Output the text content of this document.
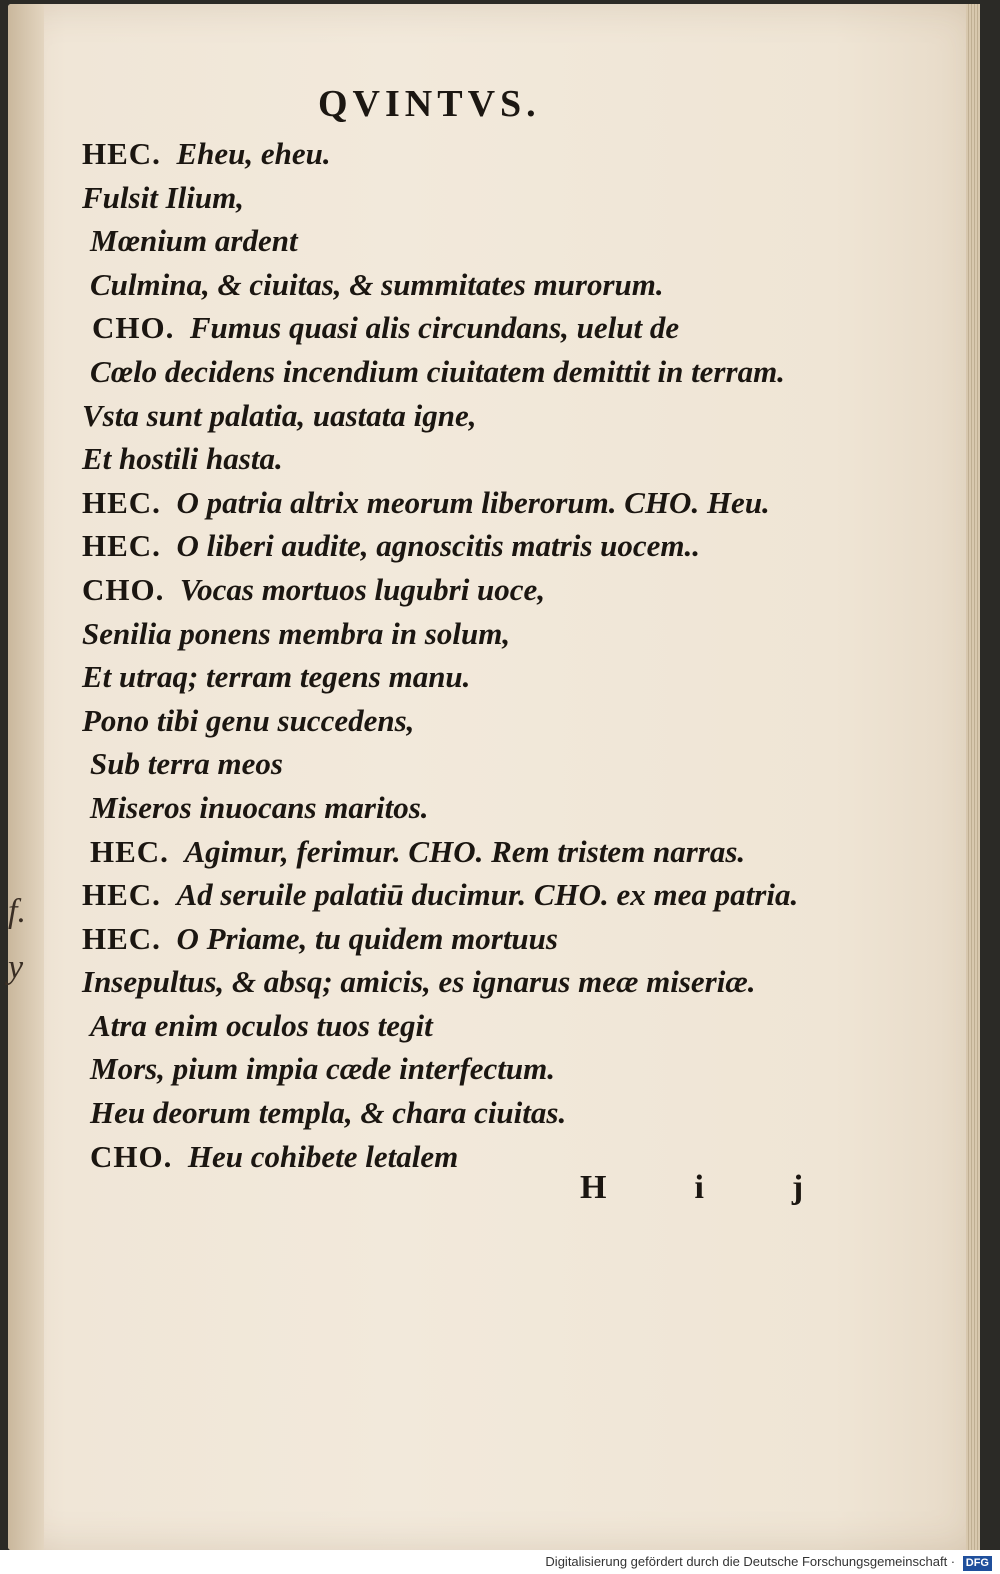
f.
y
QVINTVS.
HEC. Eheu, eheu.
Fulsit Ilium,
Mœnium ardent
Culmina, & ciuitas, & summitates murorum.
CHO. Fumus quasi alis circundans, uelut de
Cœlo decidens incendium ciuitatem demittit in terram.
Vsta sunt palatia, uastata igne,
Et hostili hasta.
HEC. O patria altrix meorum liberorum. CHO. Heu.
HEC. O liberi audite, agnoscitis matris uocem..
CHO. Vocas mortuos lugubri uoce,
Senilia ponens membra in solum,
Et utraq; terram tegens manu.
Pono tibi genu succedens,
Sub terra meos
Miseros inuocans maritos.
HEC. Agimur, ferimur. CHO. Rem tristem narras.
HEC. Ad seruile palatiū ducimur. CHO. ex mea patria.
HEC. O Priame, tu quidem mortuus
Insepultus, & absq; amicis, es ignarus meæ miseriæ.
Atra enim oculos tuos tegit
Mors, pium impia cæde interfectum.
Heu deorum templa, & chara ciuitas.
CHO. Heu cohibete letalem
Hij
Digitalisierung gefördert durch die Deutsche Forschungsgemeinschaft · DFG
